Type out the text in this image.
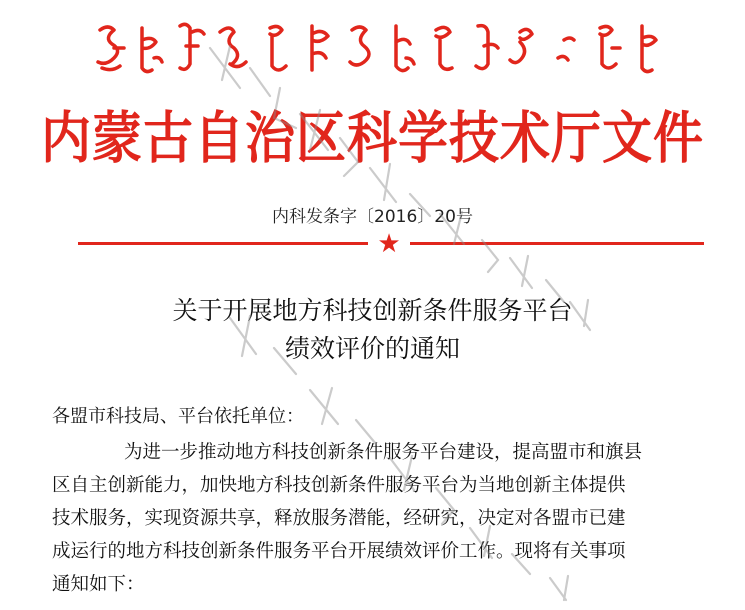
内蒙古自治区科学技术厅文件
内科发条字〔2016〕20号
★
关于开展地方科技创新条件服务平台
绩效评价的通知
各盟市科技局、平台依托单位：
为进一步推动地方科技创新条件服务平台建设，提高盟市和旗县
区自主创新能力，加快地方科技创新条件服务平台为当地创新主体提供
技术服务，实现资源共享，释放服务潜能，经研究，决定对各盟市已建
成运行的地方科技创新条件服务平台开展绩效评价工作。现将有关事项
通知如下：
